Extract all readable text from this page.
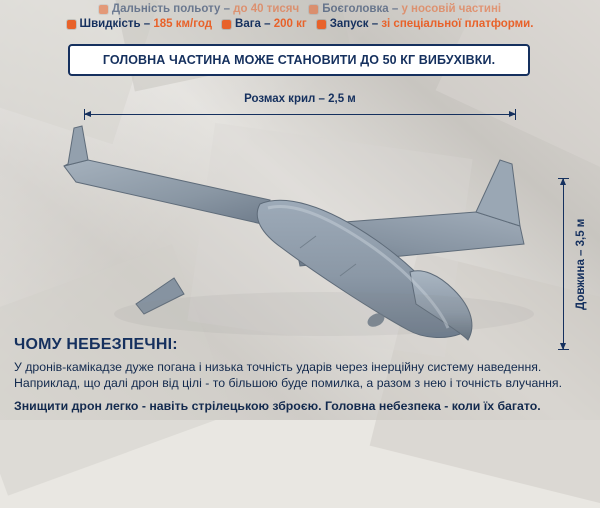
Дальність польоту – до 40 тисяч Боєголовка – у носовій частині
Швидкість – 185 км/год Вага – 200 кг Запуск – зі спеціальної платформи.
ГОЛОВНА ЧАСТИНА МОЖЕ СТАНОВИТИ ДО 50 КГ ВИБУХІВКИ.
Розмах крил – 2,5 м
Довжина – 3,5 м
ЧОМУ НЕБЕЗПЕЧНІ:

У дронів-камікадзе дуже погана і низька точність ударів через інерційну систему наведення. Наприклад, що далі дрон від цілі - то більшою буде помилка, а разом з нею і точність влучання.

Знищити дрон легко - навіть стрілецькою зброєю. Головна небезпека - коли їх багато.
